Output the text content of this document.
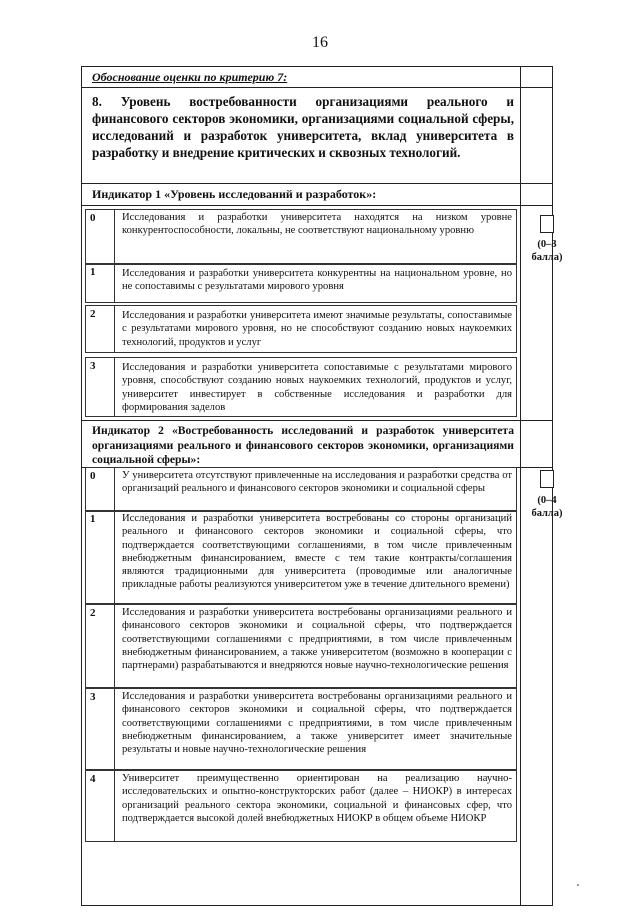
16
Обоснование оценки по критерию 7:
8. Уровень востребованности организациями реального и финансового секторов экономики, организациями социальной сферы, исследований и разработок университета, вклад университета в разработку и внедрение критических и сквозных технологий.
Индикатор 1 «Уровень исследований и разработок»:
0	Исследования и разработки университета находятся на низком уровне конкурентоспособности, локальны, не соответствуют национальному уровню
1	Исследования и разработки университета конкурентны на национальном уровне, но не сопоставимы с результатами мирового уровня
2	Исследования и разработки университета имеют значимые результаты, сопоставимые с результатами мирового уровня, но не способствуют созданию новых наукоемких технологий, продуктов и услуг
3	Исследования и разработки университета сопоставимые с результатами мирового уровня, способствуют созданию новых наукоемких технологий, продуктов и услуг, университет инвестирует в собственные исследования и разработки для формирования заделов
(0–3
балла)
Индикатор 2 «Востребованность исследований и разработок университета организациями реального и финансового секторов экономики, организациями социальной сферы»:
0	У университета отсутствуют привлеченные на исследования и разработки средства от организаций реального и финансового секторов экономики и социальной сферы
1	Исследования и разработки университета востребованы со стороны организаций реального и финансового секторов экономики и социальной сферы, что подтверждается соответствующими соглашениями, в том числе привлеченным внебюджетным финансированием, вместе с тем такие контракты/соглашения являются традиционными для университета (проводимые или аналогичные прикладные работы реализуются университетом уже в течение длительного времени)
2	Исследования и разработки университета востребованы организациями реального и финансового секторов экономики и социальной сферы, что подтверждается соответствующими соглашениями с предприятиями, в том числе привлеченным внебюджетным финансированием, а также университетом (возможно в кооперации с партнерами) разрабатываются и внедряются новые научно-технологические решения
3	Исследования и разработки университета востребованы организациями реального и финансового секторов экономики и социальной сферы, что подтверждается соответствующими соглашениями с предприятиями, в том числе привлеченным внебюджетным финансированием, а также университет имеет значительные результаты и новые научно-технологические решения
4	Университет преимущественно ориентирован на реализацию научно-исследовательских и опытно-конструкторских работ (далее – НИОКР) в интересах организаций реального сектора экономики, социальной и финансовых сфер, что подтверждается высокой долей внебюджетных НИОКР в общем объеме НИОКР
(0–4
балла)
